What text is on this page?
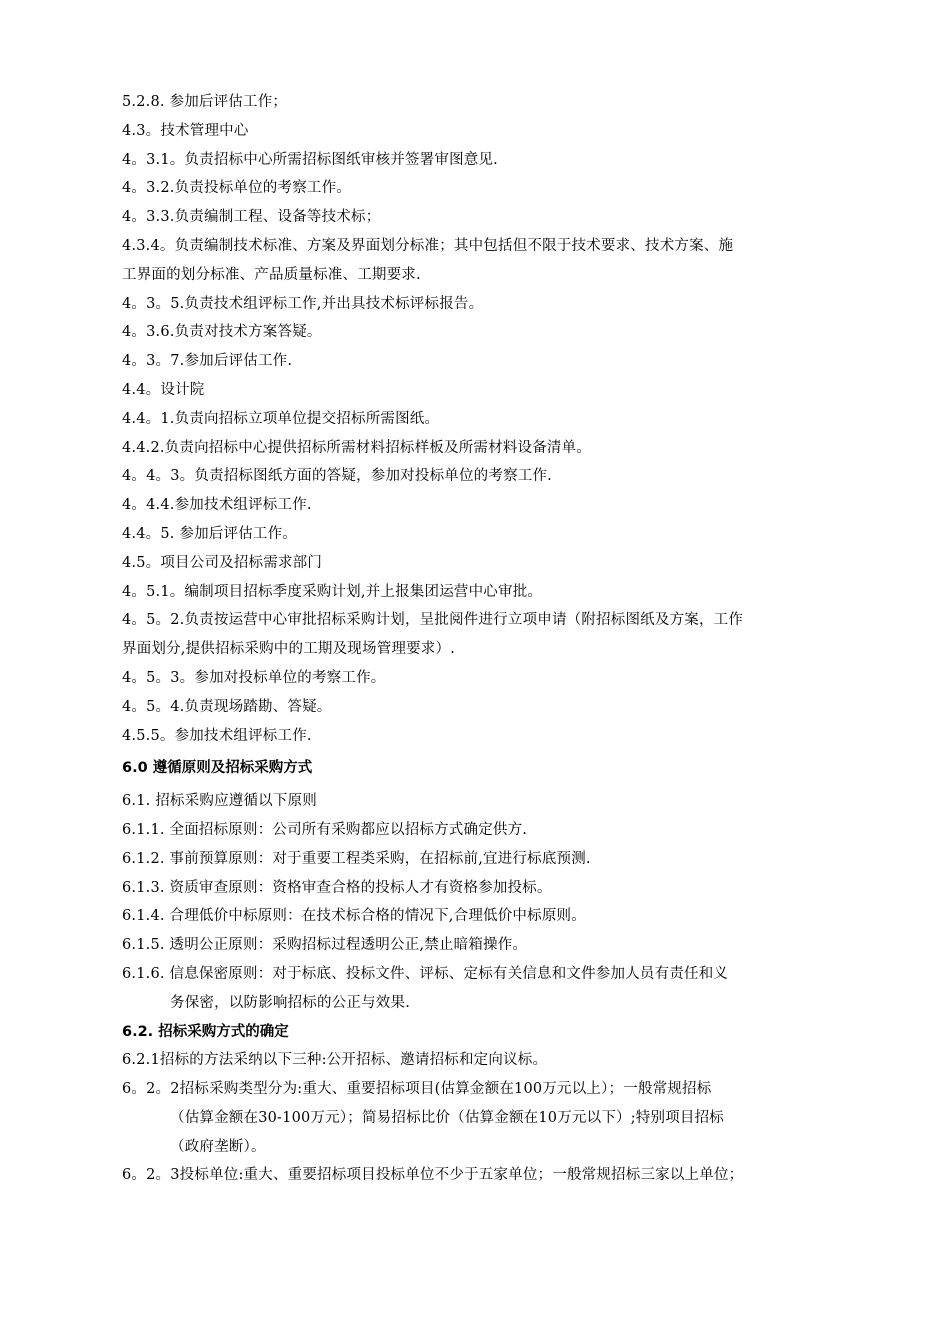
5.2.8. 参加后评估工作；
4.3。技术管理中心
4。3.1。负责招标中心所需招标图纸审核并签署审图意见.
4。3.2.负责投标单位的考察工作。
4。3.3.负责编制工程、设备等技术标；
4.3.4。负责编制技术标准、方案及界面划分标准；其中包括但不限于技术要求、技术方案、施
工界面的划分标准、产品质量标准、工期要求.
4。3。5.负责技术组评标工作,并出具技术标评标报告。
4。3.6.负责对技术方案答疑。
4。3。7.参加后评估工作.
4.4。设计院
4.4。1.负责向招标立项单位提交招标所需图纸。
4.4.2.负责向招标中心提供招标所需材料招标样板及所需材料设备清单。
4。4。3。负责招标图纸方面的答疑，参加对投标单位的考察工作.
4。4.4.参加技术组评标工作.
4.4。5. 参加后评估工作。
4.5。项目公司及招标需求部门
4。5.1。编制项目招标季度采购计划,并上报集团运营中心审批。
4。5。2.负责按运营中心审批招标采购计划，呈批阅件进行立项申请（附招标图纸及方案，工作
界面划分,提供招标采购中的工期及现场管理要求）.
4。5。3。参加对投标单位的考察工作。
4。5。4.负责现场踏勘、答疑。
4.5.5。参加技术组评标工作.
6.0 遵循原则及招标采购方式
6.1. 招标采购应遵循以下原则
6.1.1. 全面招标原则：公司所有采购都应以招标方式确定供方.
6.1.2. 事前预算原则：对于重要工程类采购，在招标前,宜进行标底预测.
6.1.3. 资质审查原则：资格审查合格的投标人才有资格参加投标。
6.1.4. 合理低价中标原则：在技术标合格的情况下,合理低价中标原则。
6.1.5. 透明公正原则：采购招标过程透明公正,禁止暗箱操作。
6.1.6. 信息保密原则：对于标底、投标文件、评标、定标有关信息和文件参加人员有责任和义
务保密，以防影响招标的公正与效果.
6.2. 招标采购方式的确定
6.2.1招标的方法采纳以下三种:公开招标、邀请招标和定向议标。
6。2。2招标采购类型分为:重大、重要招标项目(估算金额在100万元以上）；一般常规招标
（估算金额在30-100万元）；简易招标比价（估算金额在10万元以下）;特别项目招标
（政府垄断）。
6。2。3投标单位:重大、重要招标项目投标单位不少于五家单位；一般常规招标三家以上单位；
